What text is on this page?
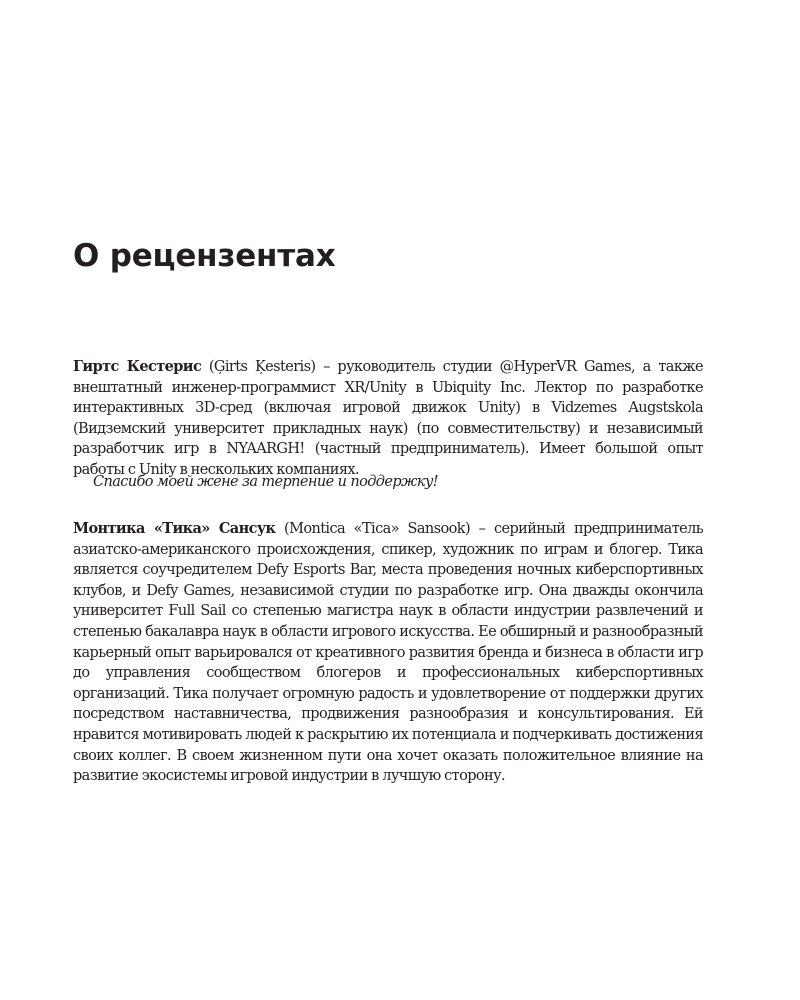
О рецензентах

Гиртс Кестерис (Ģirts Ķesteris) – руководитель студии @HyperVR Games, а также внештатный инженер-программист XR/Unity в Ubiquity Inc. Лектор по разработке интерактивных 3D-сред (включая игровой движок Unity) в Vidzemes Augstskola (Видземский университет прикладных наук) (по совместительству) и независимый разработчик игр в NYAARGH! (частный предприниматель). Имеет большой опыт работы с Unity в нескольких компаниях.

Спасибо моей жене за терпение и поддержку!

Монтика «Тика» Сансук (Montica «Tica» Sansook) – серийный предприниматель азиатско-американского происхождения, спикер, художник по играм и блогер. Тика является соучредителем Defy Esports Bar, места проведения ночных киберспортивных клубов, и Defy Games, независимой студии по разработке игр. Она дважды окончила университет Full Sail со степенью магистра наук в области индустрии развлечений и степенью бакалавра наук в области игрового искусства. Ее обширный и разнообразный карьерный опыт варьировался от креативного развития бренда и бизнеса в области игр до управления сообществом блогеров и профессиональных киберспортивных организаций. Тика получает огромную радость и удовлетворение от поддержки других посредством наставничества, продвижения разнообразия и консультирования. Ей нравится мотивировать людей к раскрытию их потенциала и подчеркивать достижения своих коллег. В своем жизненном пути она хочет оказать положительное влияние на развитие экосистемы игровой индустрии в лучшую сторону.
